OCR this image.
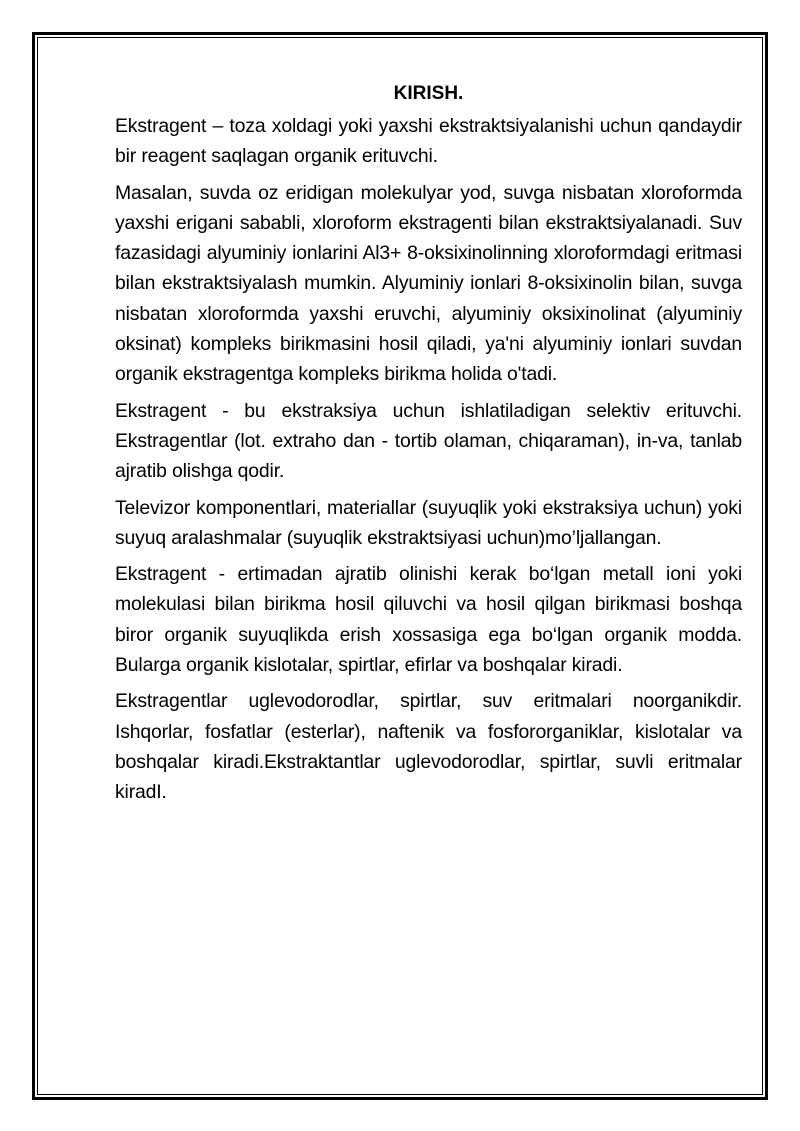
KIRISH.

Ekstragent – toza xoldagi yoki yaxshi ekstraktsiyalanishi uchun qandaydir bir reagent saqlagan organik erituvchi.

Masalan, suvda oz eridigan molekulyar yod, suvga nisbatan xloroformda yaxshi erigani sababli, xloroform ekstragenti bilan ekstraktsiyalanadi. Suv fazasidagi alyuminiy ionlarini Al3+ 8-oksixinolinning xloroformdagi eritmasi bilan ekstraktsiyalash mumkin. Alyuminiy ionlari 8-oksixinolin bilan, suvga nisbatan xloroformda yaxshi eruvchi, alyuminiy oksixinolinat (alyuminiy oksinat) kompleks birikmasini hosil qiladi, ya'ni alyuminiy ionlari suvdan organik ekstragentga kompleks birikma holida o'tadi.

Ekstragent - bu ekstraksiya uchun ishlatiladigan selektiv erituvchi. Ekstragentlar (lot. extraho dan - tortib olaman, chiqaraman), in-va, tanlab ajratib olishga qodir.

Televizor komponentlari, materiallar (suyuqlik yoki ekstraksiya uchun) yoki suyuq aralashmalar (suyuqlik ekstraktsiyasi uchun)mo’ljallangan.

Ekstragent - ertimadan ajratib olinishi kerak bo‘lgan metall ioni yoki molekulasi bilan birikma hosil qiluvchi va hosil qilgan birikmasi boshqa biror organik suyuqlikda erish xossasiga ega bo‘lgan organik modda. Bularga organik kislotalar, spirtlar, efirlar va boshqalar kiradi.

Ekstragentlar uglevodorodlar, spirtlar, suv eritmalari noorganikdir. Ishqorlar, fosfatlar (esterlar), naftenik va fosfororganiklar, kislotalar va boshqalar kiradi.Ekstraktantlar uglevodorodlar, spirtlar, suvli eritmalar kiradI.
